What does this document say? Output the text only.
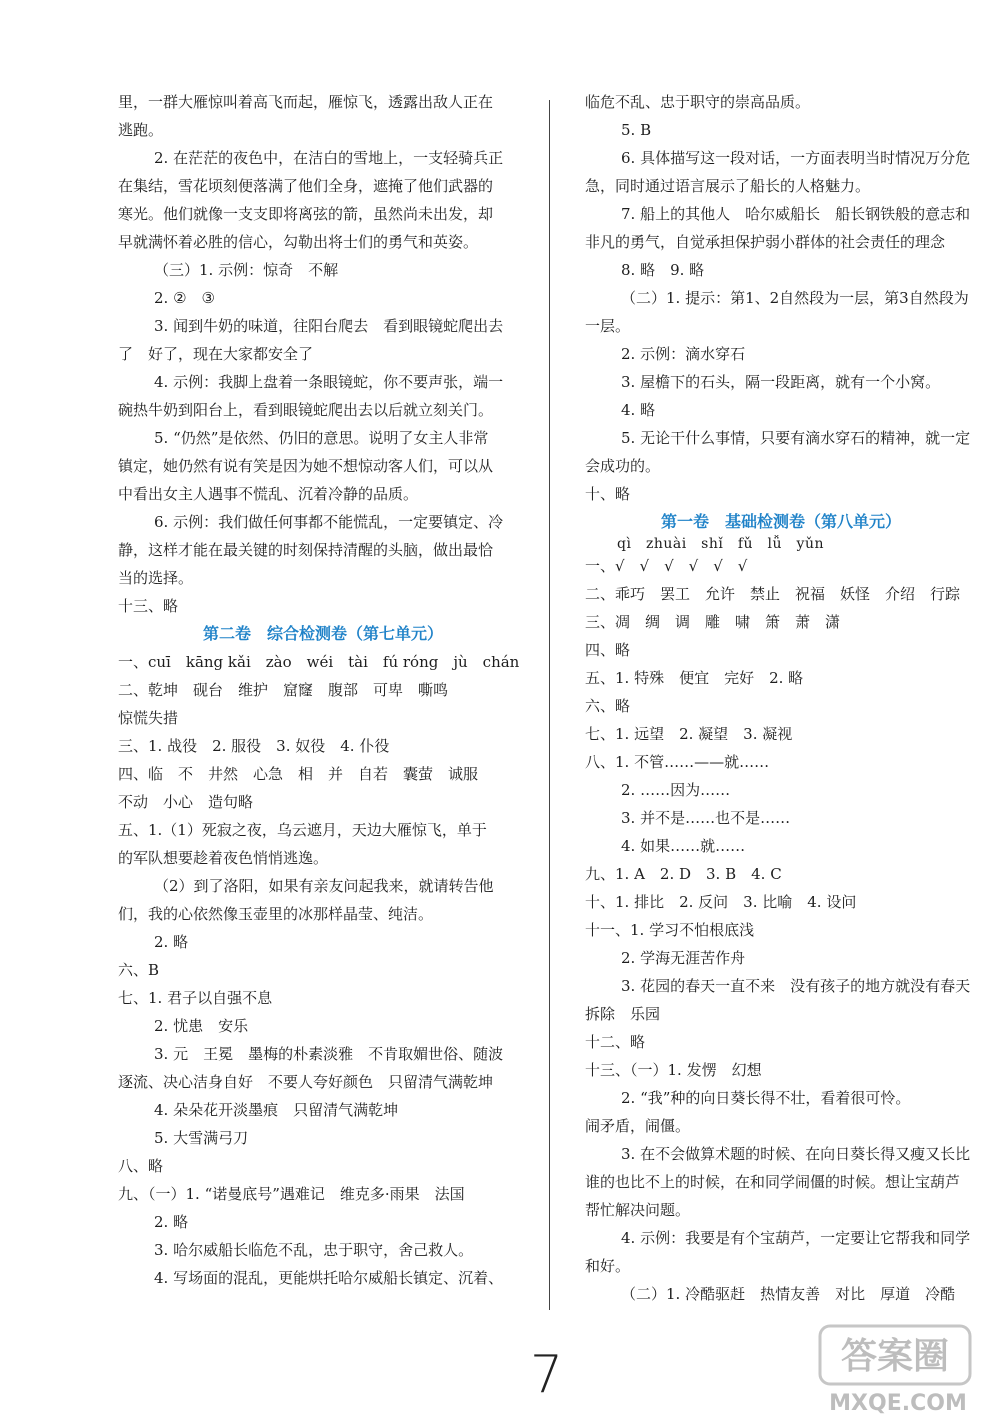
里，一群大雁惊叫着高飞而起，雁惊飞，透露出敌人正在
逃跑。
2. 在茫茫的夜色中，在洁白的雪地上，一支轻骑兵正
在集结，雪花顷刻便落满了他们全身，遮掩了他们武器的
寒光。他们就像一支支即将离弦的箭，虽然尚未出发，却
早就满怀着必胜的信心，勾勒出将士们的勇气和英姿。
（三）1. 示例：惊奇　不解
2. ②　③
3. 闻到牛奶的味道，往阳台爬去　看到眼镜蛇爬出去
了　好了，现在大家都安全了
4. 示例：我脚上盘着一条眼镜蛇，你不要声张，端一
碗热牛奶到阳台上，看到眼镜蛇爬出去以后就立刻关门。
5. “仍然”是依然、仍旧的意思。说明了女主人非常
镇定，她仍然有说有笑是因为她不想惊动客人们，可以从
中看出女主人遇事不慌乱、沉着冷静的品质。
6. 示例：我们做任何事都不能慌乱，一定要镇定、冷
静，这样才能在最关键的时刻保持清醒的头脑，做出最恰
当的选择。
十三、略
第二卷　综合检测卷（第七单元）
一、cuī　kāng kǎi　zào　wéi　tài　fú róng　jù　chán
二、乾坤　砚台　维护　窟窿　腹部　可卑　嘶鸣
惊慌失措
三、1. 战役　2. 服役　3. 奴役　4. 仆役
四、临　不　井然　心急　相　并　自若　囊萤　诚服
不动　小心　造句略
五、1.（1）死寂之夜，乌云遮月，天边大雁惊飞，单于
的军队想要趁着夜色悄悄逃逸。
（2）到了洛阳，如果有亲友问起我来，就请转告他
们，我的心依然像玉壶里的冰那样晶莹、纯洁。
2. 略
六、B
七、1. 君子以自强不息
2. 忧患　安乐
3. 元　王冕　墨梅的朴素淡雅　不肯取媚世俗、随波
逐流、决心洁身自好　不要人夸好颜色　只留清气满乾坤
4. 朵朵花开淡墨痕　只留清气满乾坤
5. 大雪满弓刀
八、略
九、（一）1. “诺曼底号”遇难记　维克多·雨果　法国
2. 略
3. 哈尔威船长临危不乱，忠于职守，舍己救人。
4. 写场面的混乱，更能烘托哈尔威船长镇定、沉着、
临危不乱、忠于职守的崇高品质。
5. B
6. 具体描写这一段对话，一方面表明当时情况万分危
急，同时通过语言展示了船长的人格魅力。
7. 船上的其他人　哈尔威船长　船长钢铁般的意志和
非凡的勇气，自觉承担保护弱小群体的社会责任的理念
8. 略　9. 略
（二）1. 提示：第1、2自然段为一层，第3自然段为
一层。
2. 示例：滴水穿石
3. 屋檐下的石头，隔一段距离，就有一个小窝。
4. 略
5. 无论干什么事情，只要有滴水穿石的精神，就一定
会成功的。
十、略
第一卷　基础检测卷（第八单元）
qì　zhuài　shǐ　fǔ　lǚ　yǔn
一、√　√　√　√　√　√
二、乖巧　罢工　允许　禁止　祝福　妖怪　介绍　行踪
三、凋　绸　调　雕　啸　箫　萧　潇
四、略
五、1. 特殊　便宜　完好　2. 略
六、略
七、1. 远望　2. 凝望　3. 凝视
八、1. 不管……——就……
2. ……因为……
3. 并不是……也不是……
4. 如果……就……
九、1. A　2. D　3. B　4. C
十、1. 排比　2. 反问　3. 比喻　4. 设问
十一、1. 学习不怕根底浅
2. 学海无涯苦作舟
3. 花园的春天一直不来　没有孩子的地方就没有春天
拆除　乐园
十二、略
十三、（一）1. 发愣　幻想
2. “我”种的向日葵长得不壮，看着很可怜。
闹矛盾，闹僵。
3. 在不会做算术题的时候、在向日葵长得又瘦又长比
谁的也比不上的时候，在和同学闹僵的时候。想让宝葫芦
帮忙解决问题。
4. 示例：我要是有个宝葫芦，一定要让它帮我和同学
和好。
（二）1. 冷酷驱赶　热情友善　对比　厚道　冷酷
7	答案圈
MXQE.COM
